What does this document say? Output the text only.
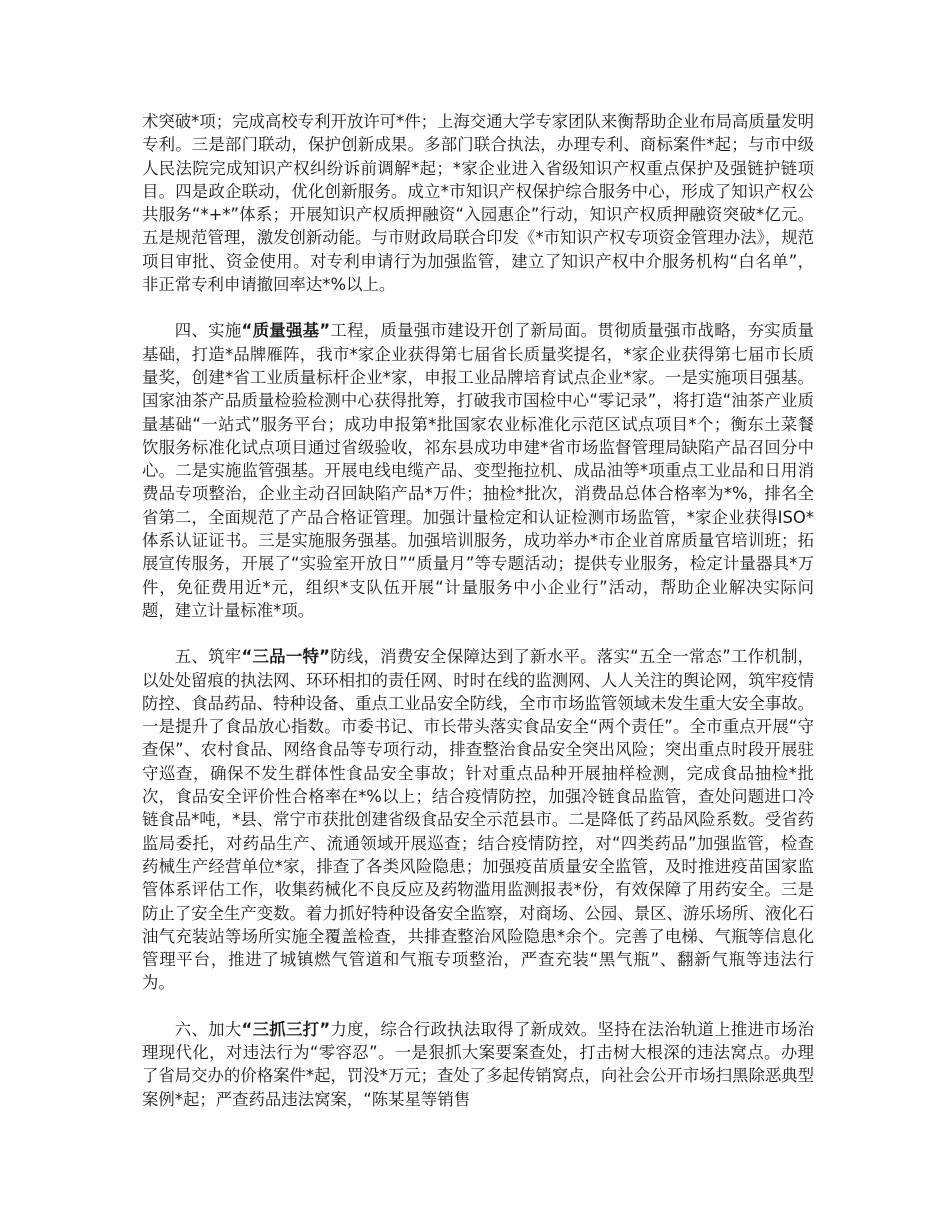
术突破*项；完成高校专利开放许可*件；上海交通大学专家团队来衡帮助企业布局高质量发明专利。三是部门联动，保护创新成果。多部门联合执法，办理专利、商标案件*起；与市中级人民法院完成知识产权纠纷诉前调解*起；*家企业进入省级知识产权重点保护及强链护链项目。四是政企联动，优化创新服务。成立*市知识产权保护综合服务中心，形成了知识产权公共服务“*+*”体系；开展知识产权质押融资“入园惠企”行动，知识产权质押融资突破*亿元。五是规范管理，激发创新动能。与市财政局联合印发《*市知识产权专项资金管理办法》，规范项目审批、资金使用。对专利申请行为加强监管，建立了知识产权中介服务机构“白名单”，非正常专利申请撤回率达*%以上。

四、实施“质量强基”工程，质量强市建设开创了新局面。贯彻质量强市战略，夯实质量基础，打造*品牌雁阵，我市*家企业获得第七届省长质量奖提名，*家企业获得第七届市长质量奖，创建*省工业质量标杆企业*家，申报工业品牌培育试点企业*家。一是实施项目强基。国家油茶产品质量检验检测中心获得批筹，打破我市国检中心“零记录”，将打造“油茶产业质量基础“一站式”服务平台；成功申报第*批国家农业标准化示范区试点项目*个；衡东土菜餐饮服务标准化试点项目通过省级验收，祁东县成功申建*省市场监督管理局缺陷产品召回分中心。二是实施监管强基。开展电线电缆产品、变型拖拉机、成品油等*项重点工业品和日用消费品专项整治，企业主动召回缺陷产品*万件；抽检*批次，消费品总体合格率为*%，排名全省第二，全面规范了产品合格证管理。加强计量检定和认证检测市场监管，*家企业获得ISO*体系认证证书。三是实施服务强基。加强培训服务，成功举办*市企业首席质量官培训班；拓展宣传服务，开展了“实验室开放日”“质量月”等专题活动；提供专业服务，检定计量器具*万件，免征费用近*元，组织*支队伍开展“计量服务中小企业行”活动，帮助企业解决实际问题，建立计量标准*项。

五、筑牢“三品一特”防线，消费安全保障达到了新水平。落实“五全一常态”工作机制，以处处留痕的执法网、环环相扣的责任网、时时在线的监测网、人人关注的舆论网，筑牢疫情防控、食品药品、特种设备、重点工业品安全防线，全市市场监管领域未发生重大安全事故。一是提升了食品放心指数。市委书记、市长带头落实食品安全“两个责任”。全市重点开展“守查保”、农村食品、网络食品等专项行动，排查整治食品安全突出风险；突出重点时段开展驻守巡查，确保不发生群体性食品安全事故；针对重点品种开展抽样检测，完成食品抽检*批次，食品安全评价性合格率在*%以上；结合疫情防控，加强冷链食品监管，查处问题进口冷链食品*吨，*县、常宁市获批创建省级食品安全示范县市。二是降低了药品风险系数。受省药监局委托，对药品生产、流通领域开展巡查；结合疫情防控，对“四类药品”加强监管，检查药械生产经营单位*家，排查了各类风险隐患；加强疫苗质量安全监管，及时推进疫苗国家监管体系评估工作，收集药械化不良反应及药物滥用监测报表*份，有效保障了用药安全。三是防止了安全生产变数。着力抓好特种设备安全监察，对商场、公园、景区、游乐场所、液化石油气充装站等场所实施全覆盖检查，共排查整治风险隐患*余个。完善了电梯、气瓶等信息化管理平台，推进了城镇燃气管道和气瓶专项整治，严查充装“黑气瓶”、翻新气瓶等违法行为。

六、加大“三抓三打”力度，综合行政执法取得了新成效。坚持在法治轨道上推进市场治理现代化，对违法行为“零容忍”。一是狠抓大案要案查处，打击树大根深的违法窝点。办理了省局交办的价格案件*起，罚没*万元；查处了多起传销窝点，向社会公开市场扫黑除恶典型案例*起；严查药品违法窝案，“陈某星等销售
